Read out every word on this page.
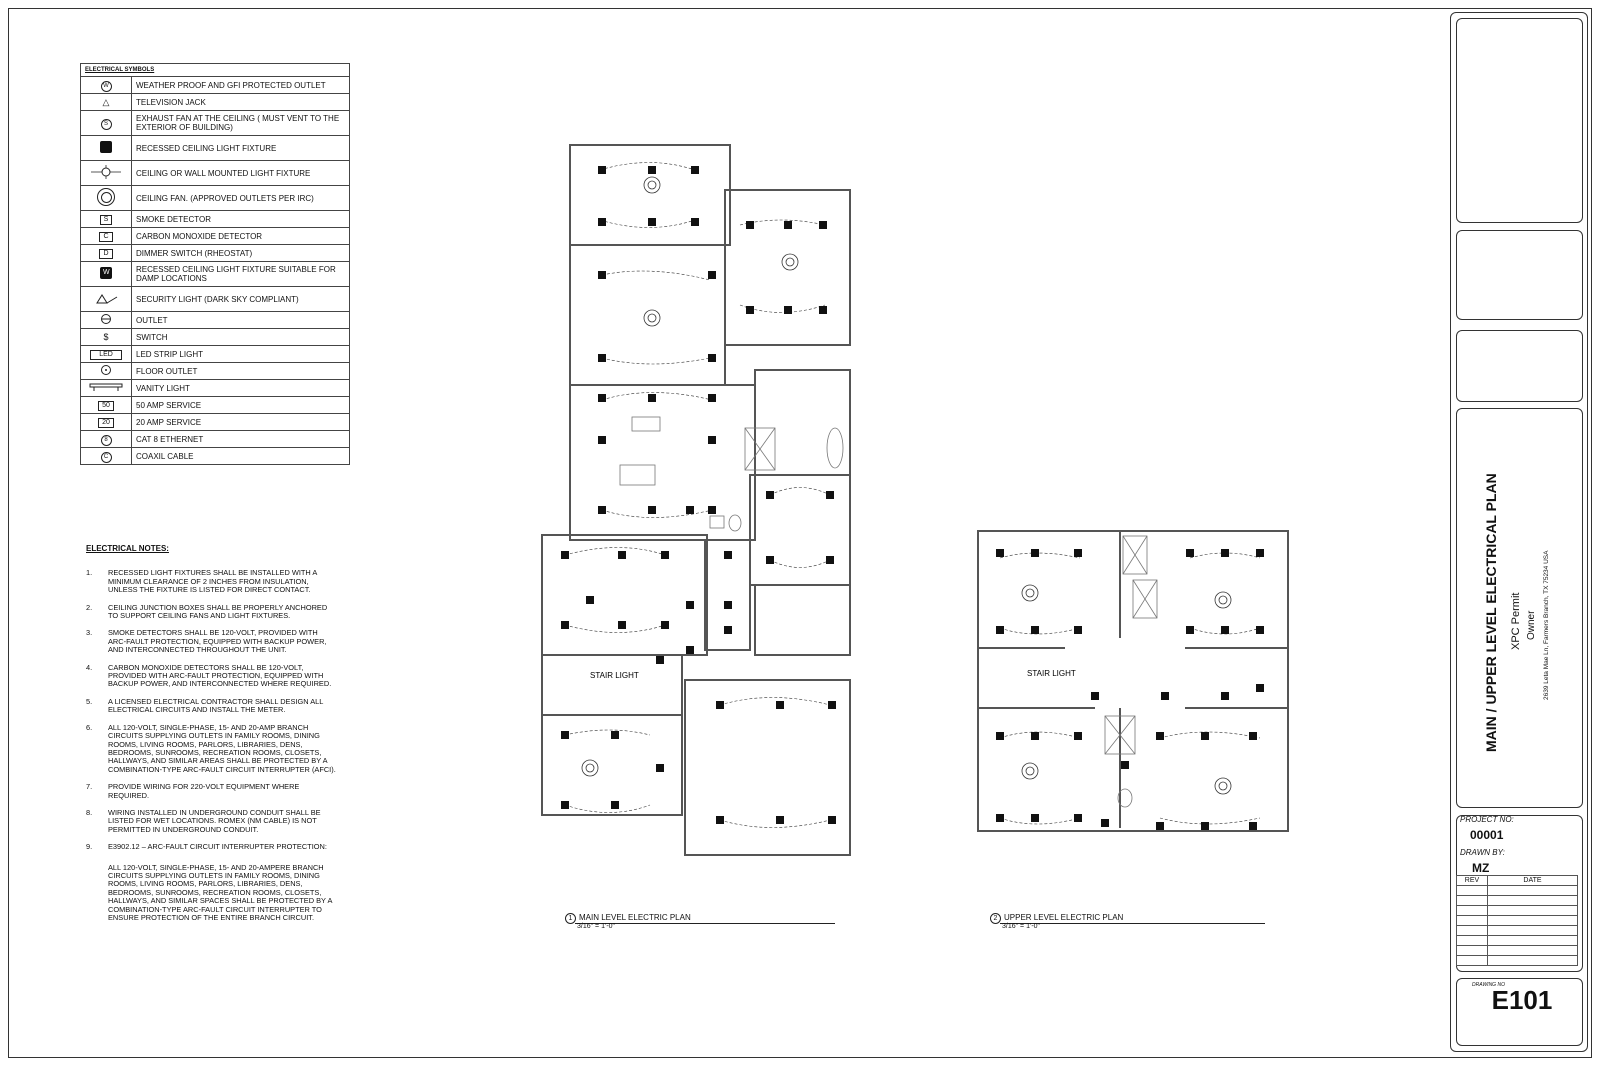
ELECTRICAL SYMBOLS	
W	WEATHER PROOF AND GFI PROTECTED OUTLET
△	TELEVISION JACK
S	EXHAUST FAN AT THE CEILING ( MUST VENT TO THE EXTERIOR OF BUILDING)
	RECESSED CEILING LIGHT FIXTURE
	CEILING OR WALL MOUNTED LIGHT FIXTURE
	CEILING FAN. (APPROVED OUTLETS PER IRC)
S	SMOKE DETECTOR
C	CARBON MONOXIDE DETECTOR
D	DIMMER SWITCH (RHEOSTAT)
W	RECESSED CEILING LIGHT FIXTURE SUITABLE FOR DAMP LOCATIONS
	SECURITY LIGHT (DARK SKY COMPLIANT)
	OUTLET
$	SWITCH
LED	LED STRIP LIGHT
	FLOOR OUTLET
	VANITY LIGHT
50	50 AMP SERVICE
20	20 AMP SERVICE
8	CAT 8 ETHERNET
C	COAXIL CABLE
ELECTRICAL NOTES:
1.	RECESSED LIGHT FIXTURES SHALL BE INSTALLED WITH A MINIMUM CLEARANCE OF 2 INCHES FROM INSULATION, UNLESS THE FIXTURE IS LISTED FOR DIRECT CONTACT.
2.	CEILING JUNCTION BOXES SHALL BE PROPERLY ANCHORED TO SUPPORT CEILING FANS AND LIGHT FIXTURES.
3.	SMOKE DETECTORS SHALL BE 120-VOLT, PROVIDED WITH ARC-FAULT PROTECTION, EQUIPPED WITH BACKUP POWER, AND INTERCONNECTED THROUGHOUT THE UNIT.
4.	CARBON MONOXIDE DETECTORS SHALL BE 120-VOLT, PROVIDED WITH ARC-FAULT PROTECTION, EQUIPPED WITH BACKUP POWER, AND INTERCONNECTED WHERE REQUIRED.
5.	A LICENSED ELECTRICAL CONTRACTOR SHALL DESIGN ALL ELECTRICAL CIRCUITS AND INSTALL THE METER.
6.	ALL 120-VOLT, SINGLE-PHASE, 15- AND 20-AMP BRANCH CIRCUITS SUPPLYING OUTLETS IN FAMILY ROOMS, DINING ROOMS, LIVING ROOMS, PARLORS, LIBRARIES, DENS, BEDROOMS, SUNROOMS, RECREATION ROOMS, CLOSETS, HALLWAYS, AND SIMILAR AREAS SHALL BE PROTECTED BY A COMBINATION-TYPE ARC-FAULT CIRCUIT INTERRUPTER (AFCI).
7.	PROVIDE WIRING FOR 220-VOLT EQUIPMENT WHERE REQUIRED.
8.	WIRING INSTALLED IN UNDERGROUND CONDUIT SHALL BE LISTED FOR WET LOCATIONS. ROMEX (NM CABLE) IS NOT PERMITTED IN UNDERGROUND CONDUIT.
9.	E3902.12 – ARC-FAULT CIRCUIT INTERRUPTER PROTECTION:
ALL 120-VOLT, SINGLE-PHASE, 15- AND 20-AMPERE BRANCH CIRCUITS SUPPLYING OUTLETS IN FAMILY ROOMS, DINING ROOMS, LIVING ROOMS, PARLORS, LIBRARIES, DENS, BEDROOMS, SUNROOMS, RECREATION ROOMS, CLOSETS, HALLWAYS, AND SIMILAR SPACES SHALL BE PROTECTED BY A COMBINATION-TYPE ARC-FAULT CIRCUIT INTERRUPTER TO ENSURE PROTECTION OF THE ENTIRE BRANCH CIRCUIT.
STAIR LIGHT
1 MAIN LEVEL ELECTRIC PLAN
3/16" = 1'-0"
STAIR LIGHT
2 UPPER LEVEL ELECTRIC PLAN
3/16" = 1'-0"
MAIN / UPPER LEVEL ELECTRICAL PLAN XPC Permit Owner 2639 Leta Mae Ln, Farmers Branch, TX 75234 USA
PROJECT NO:
00001
DRAWN BY:
MZ
REV	DATE

DRAWING NO
E101
